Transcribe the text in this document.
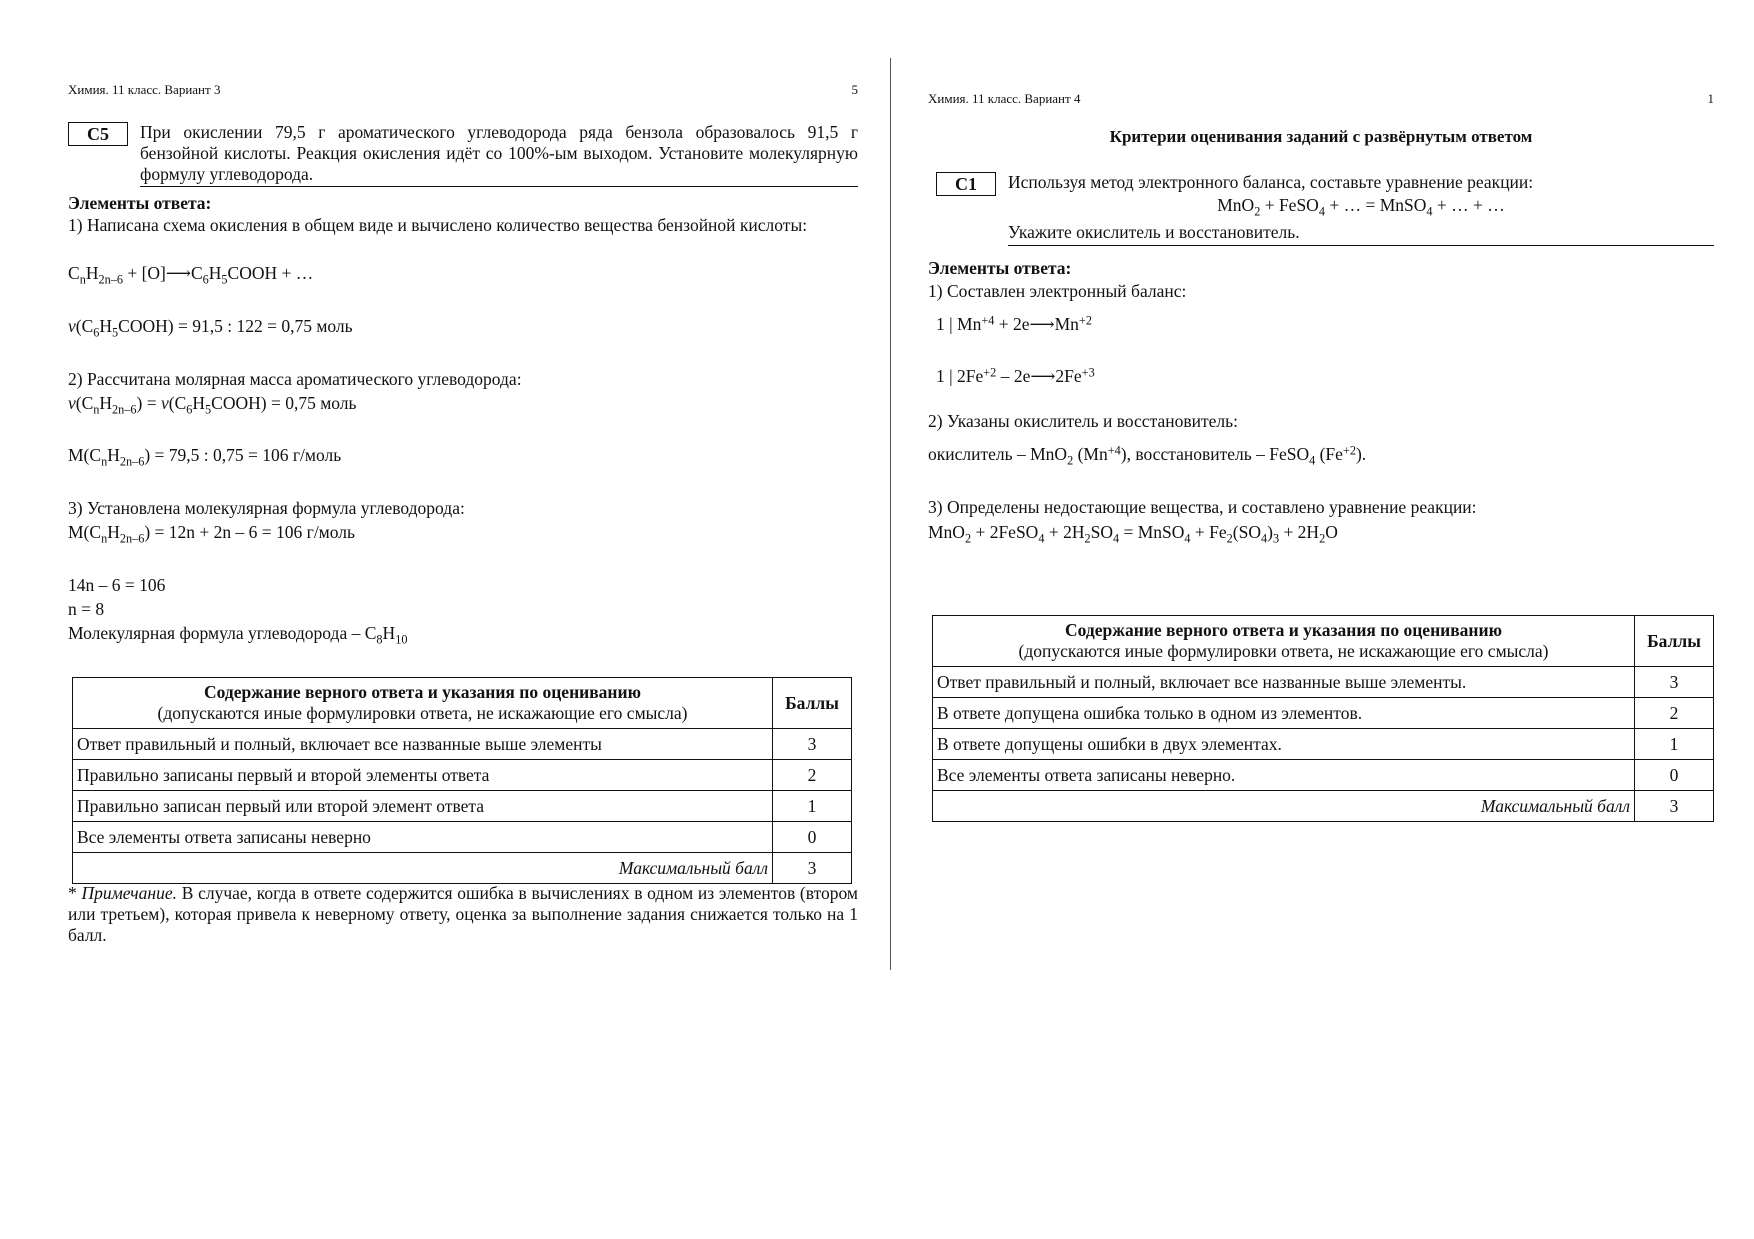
Химия. 11 класс. Вариант 3	5
C5	При окислении 79,5 г ароматического углеводорода ряда бензола образовалось 91,5 г бензойной кислоты. Реакция окисления идёт со 100%-ым выходом. Установите молекулярную формулу углеводорода.
Элементы ответа:
1) Написана схема окисления в общем виде и вычислено количество вещества бензойной кислоты:
$C_nH_{2n-6}$ + $[O]⟶C_6H_5COOH$ + …
$\nu(C_6H_5COOH) = 91,5$ : 122 = 0,75 моль
2) Рассчитана молярная масса ароматического углеводорода:
$\nu(C_nH_{2n-6})$ = $\nu(C_6H_5COOH) = 0,75$ моль
$M(C_nH_{2n-6}) = 79,5$ : 0,75 = 106 г/моль
3) Установлена молекулярная формула углеводорода:
$M(C_nH_{2n-6}) = 12n + 2n - 6 = 106$ г/моль
14n – 6 = 106
n = 8
Молекулярная формула углеводорода – $C_8H_{10}$
Содержание верного ответа и указания по оцениванию
(допускаются иные формулировки ответа, не искажающие его смысла)	Баллы
Ответ правильный и полный, включает все названные выше элементы	3
Правильно записаны первый и второй элементы ответа	2
Правильно записан первый или второй элемент ответа	1
Все элементы ответа записаны неверно	0
Максимальный балл	3
* Примечание. В случае, когда в ответе содержится ошибка в вычислениях в одном из элементов (втором или третьем), которая привела к неверному ответу, оценка за выполнение задания снижается только на 1 балл.
Химия. 11 класс. Вариант 4	1
Критерии оценивания заданий с развёрнутым ответом
C1	Используя метод электронного баланса, составьте уравнение реакции:
MnO$_2$ + FeSO$_4$ + … = MnSO$_4$ + … + …
Укажите окислитель и восстановитель.
Элементы ответа:
1) Составлен электронный баланс:
1 | $Mn^{+4}$ + $2e⟶Mn^{+2}$
1 | $2Fe^{+2}$ – $2e⟶2Fe^{+3}$
2) Указаны окислитель и восстановитель:
окислитель – MnO$_2$ $(Mn^{+4})$, восстановитель – FeSO$_4$ $(Fe^{+2})$.
3) Определены недостающие вещества, и составлено уравнение реакции:
MnO$_2$ + 2FeSO$_4$ + $2H_2SO_4$ = MnSO$_4$ + $Fe_2(SO_4)_3 + 2H_2O$
Содержание верного ответа и указания по оцениванию
(допускаются иные формулировки ответа, не искажающие его смысла)	Баллы
Ответ правильный и полный, включает все названные выше элементы.	3
В ответе допущена ошибка только в одном из элементов.	2
В ответе допущены ошибки в двух элементах.	1
Все элементы ответа записаны неверно.	0
Максимальный балл	3
